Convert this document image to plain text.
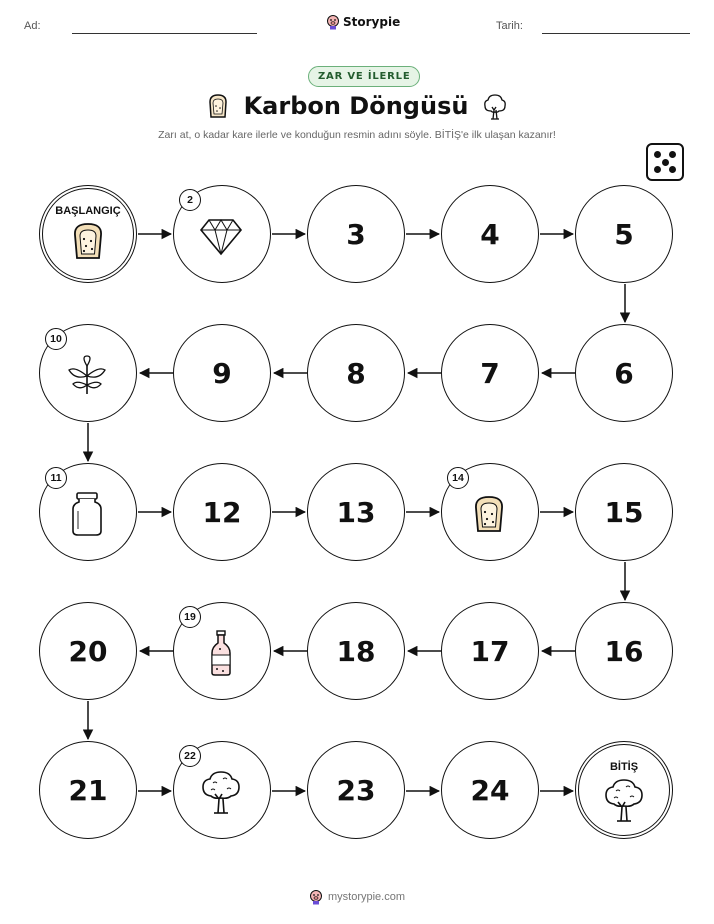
Ad:	Storypie	Tarih:
ZAR VE İLERLE
Karbon Döngüsü
Zarı at, o kadar kare ilerle ve konduğun resmin adını söyle. BİTİŞ'e ilk ulaşan kazanır!
BAŞLANGIÇ
2
3	4	5
6
7
8
9
10
11
12	13
14
15
16
17
18
19
20
21
22
23	24
BİTİŞ
mystorypie.com
